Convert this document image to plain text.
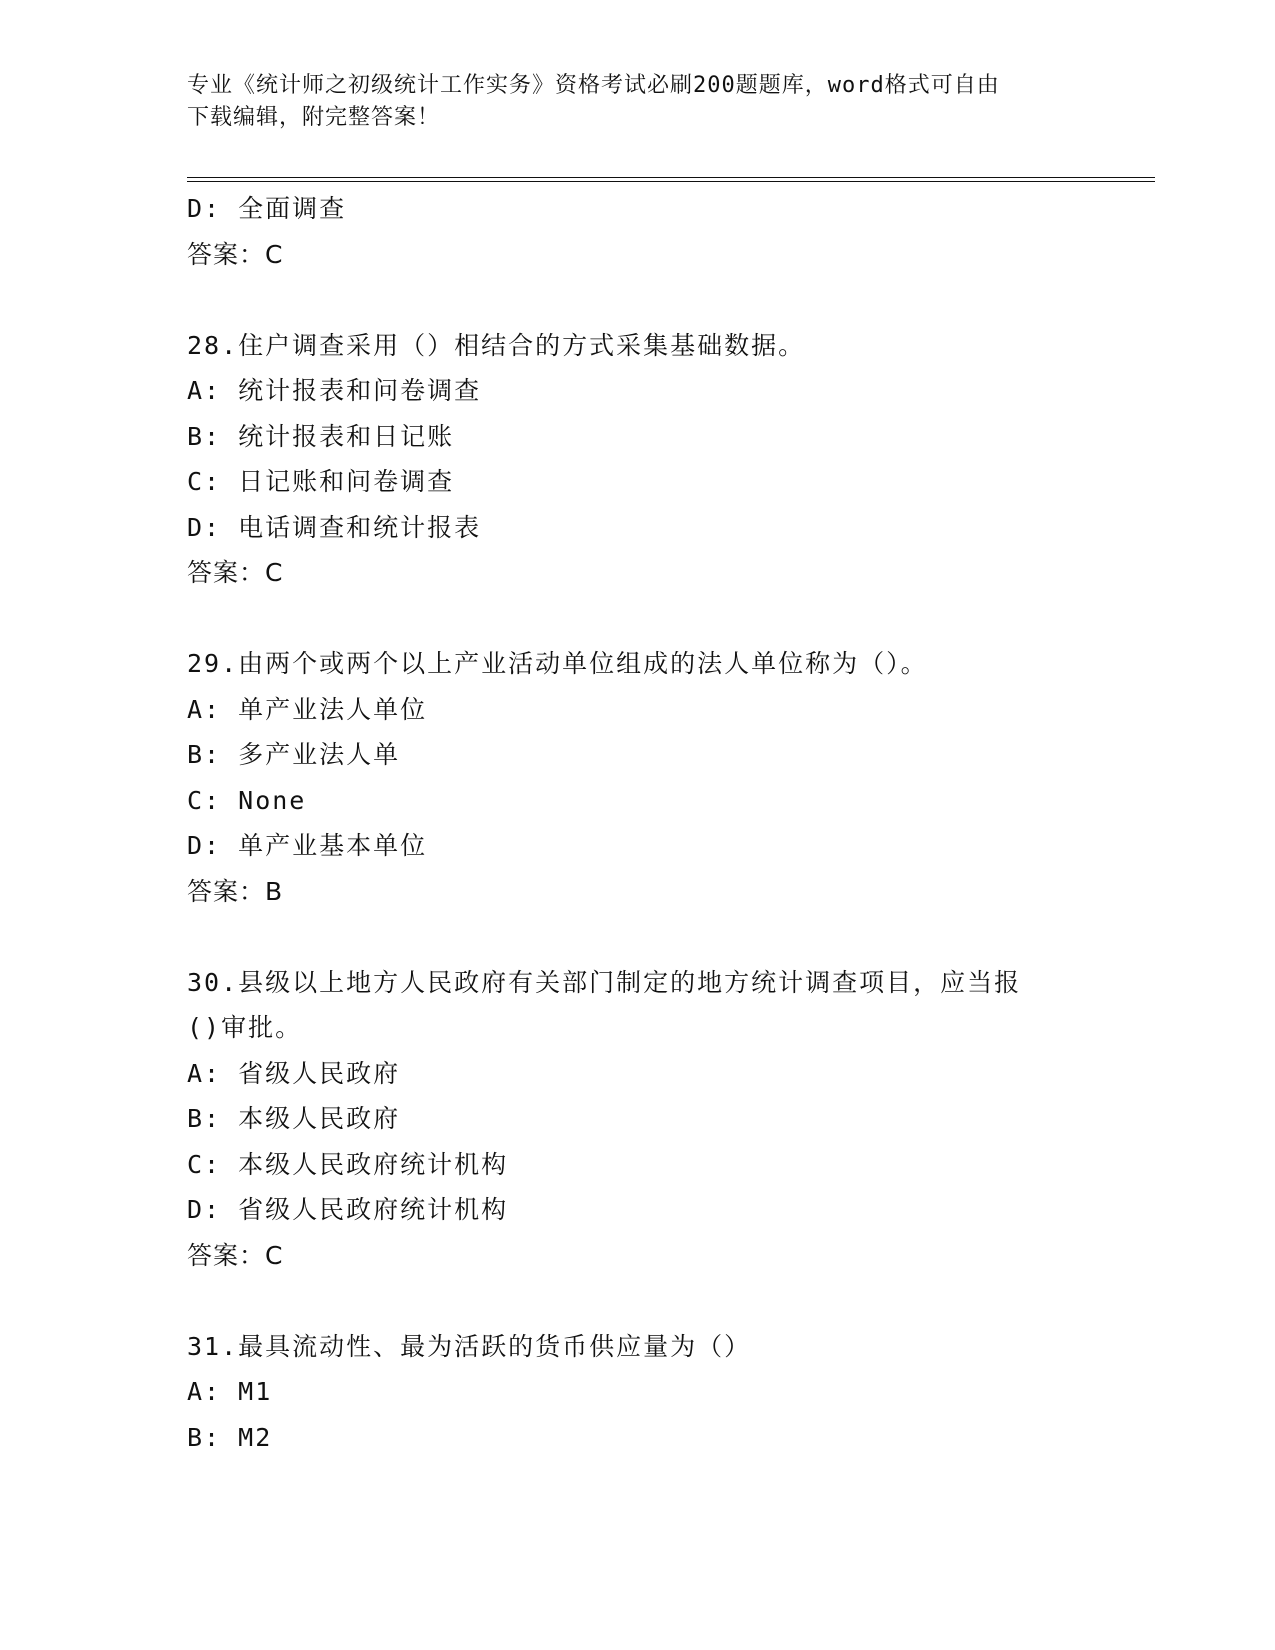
专业《统计师之初级统计工作实务》资格考试必刷200题题库，word格式可自由
下载编辑，附完整答案！
D: 全面调查
答案：C
28.住户调查采用（）相结合的方式采集基础数据。
A: 统计报表和问卷调查
B: 统计报表和日记账
C: 日记账和问卷调查
D: 电话调查和统计报表
答案：C
29.由两个或两个以上产业活动单位组成的法人单位称为（）。
A: 单产业法人单位
B: 多产业法人单
C: None
D: 单产业基本单位
答案：B
30.县级以上地方人民政府有关部门制定的地方统计调查项目，应当报
()审批。
A: 省级人民政府
B: 本级人民政府
C: 本级人民政府统计机构
D: 省级人民政府统计机构
答案：C
31.最具流动性、最为活跃的货币供应量为（）
A: M1
B: M2
